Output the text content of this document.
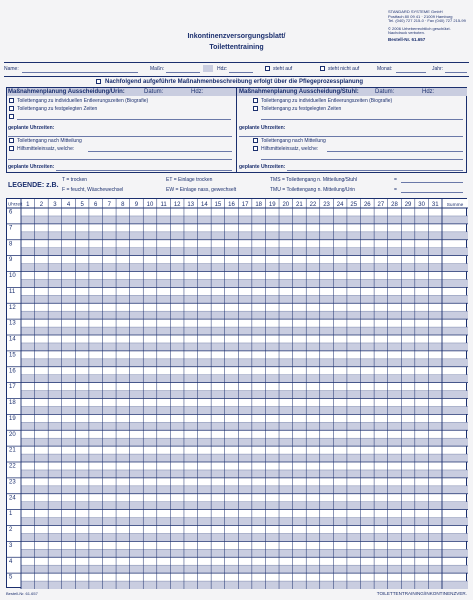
STANDARD SYSTEME GmbH
Postfach 80 09 41 · 21009 Hamburg
Tel. (040) 727 215-0 · Fax (040) 727 215-99
© 2006 Urheberrechtlich geschützt.
Nachdruck verboten.
Bestell-Nr. 61.657
Inkontinenzversorgungsblatt/
Toilettentraining
Name:	Maßn:	Hdz:	steht auf	steht nicht auf	Monat:	Jahr:
Nachfolgend aufgeführte Maßnahmenbeschreibung erfolgt über die Pflegeprozessplanung
Maßnahmenplanung Ausscheidung/Urin:	Datum:	Hdz:
Toilettengang zu individuellen Entleerungszeiten (Biografie)
Toilettengang zu festgelegten Zeiten
geplante Uhrzeiten:
Toilettengang nach Mitteilung
Hilfsmitteleinsatz, welche:
geplante Uhrzeiten:
Maßnahmenplanung Ausscheidung/Stuhl:	Datum:	Hdz:
Toilettengang zu individuellen Entleerungszeiten (Biografie)
Toilettengang zu festgelegten Zeiten
geplante Uhrzeiten:
Toilettengang nach Mitteilung
Hilfsmitteleinsatz, welche:
geplante Uhrzeiten:
LEGENDE: z.B.
T = trocken
F = feucht, Wäschewechsel
ET = Einlage trocken
EW = Einlage nass, gewechselt
TMS = Toilettengang n. Mitteilung/Stuhl
TMU = Toilettengang n. Mitteilung/Urin
=
=
Uhrzeit 1 2 3 4 5 6 7 8 9 10 11 12 13 14 15 16 17 18 19 20 21 22 23 24 25 26 27 28 29 30 31 Summe
6
7
8
9
10
11
12
13
14
15
16
17
18
19
20
21
22
23
24
1
2
3
4
5
Bestell-Nr. 61.657	TOILETTENTRAINING/INKONTINENZVER.
